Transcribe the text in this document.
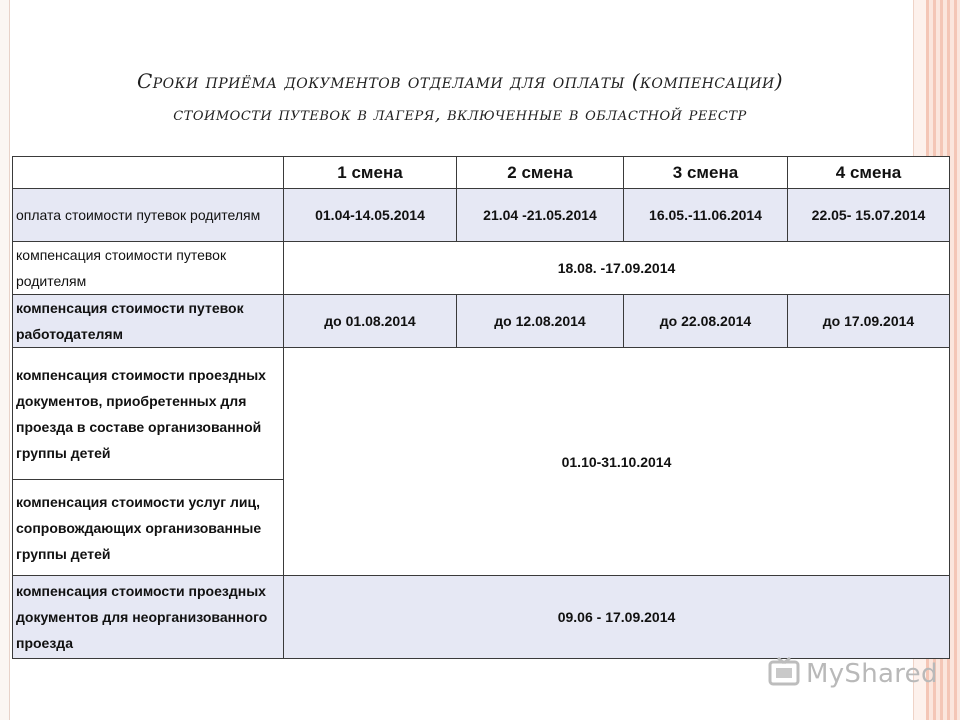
Сроки приёма документов отделами для оплаты (компенсации)
стоимости путевок в лагеря, включенные в областной реестр
	1 смена	2 смена	3 смена	4 смена
оплата стоимости путевок родителям	01.04-14.05.2014	21.04 -21.05.2014	16.05.-11.06.2014	22.05- 15.07.2014
компенсация стоимости путевок родителям	18.08. -17.09.2014			
компенсация стоимости путевок работодателям	до 01.08.2014	до 12.08.2014	до 22.08.2014	до 17.09.2014
компенсация стоимости проездных документов, приобретенных для проезда в составе организованной группы детей	01.10-31.10.2014			
компенсация стоимости услуг лиц, сопровождающих организованные группы детей				
компенсация стоимости проездных документов для неорганизованного проезда	09.06 - 17.09.2014			
MyShared
